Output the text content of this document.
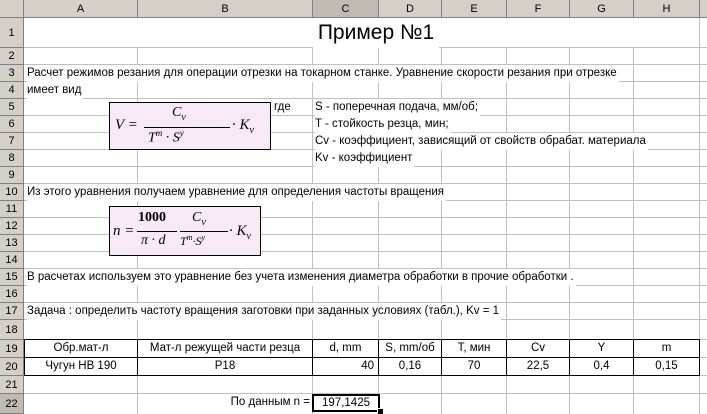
A	B	C	D	E	F	G	H
1
2
3
4
5
6
7
8
9
10
11
12
13
14
15
16
17
18
19
20
21
22
Пример №1
Расчет режимов резания для операции отрезки на токарном станке. Уравнение скорости резания при отрезке
имеет вид
V =
$C_v$
$T^m \cdot S^y$	· $K_v$
где S - поперечная подача, мм/об;
T - стойкость резца, мин;
Cv - коэффициент, зависящий от свойств обрабат. материала
Kv - коэффициент
Из этого уравнения получаем уравнение для определения частоты вращения
n =
1000
π · d
$C_v$
$T^m\cdot S^y \cdot K_v$
В расчетах используем это уравнение без учета изменения диаметра обработки в прочие обработки .
Задача : определить частоту вращения заготовки при заданных условиях (табл.), Kv = 1
Обр.мат-л	Мат-л режущей части резца	d, mm	S, mm/об	T, мин	Cv	Y	m
Чугун НВ 190	Р18	40	0,16	70	22,5	0,4	0,15
По данным n =	197,1425
